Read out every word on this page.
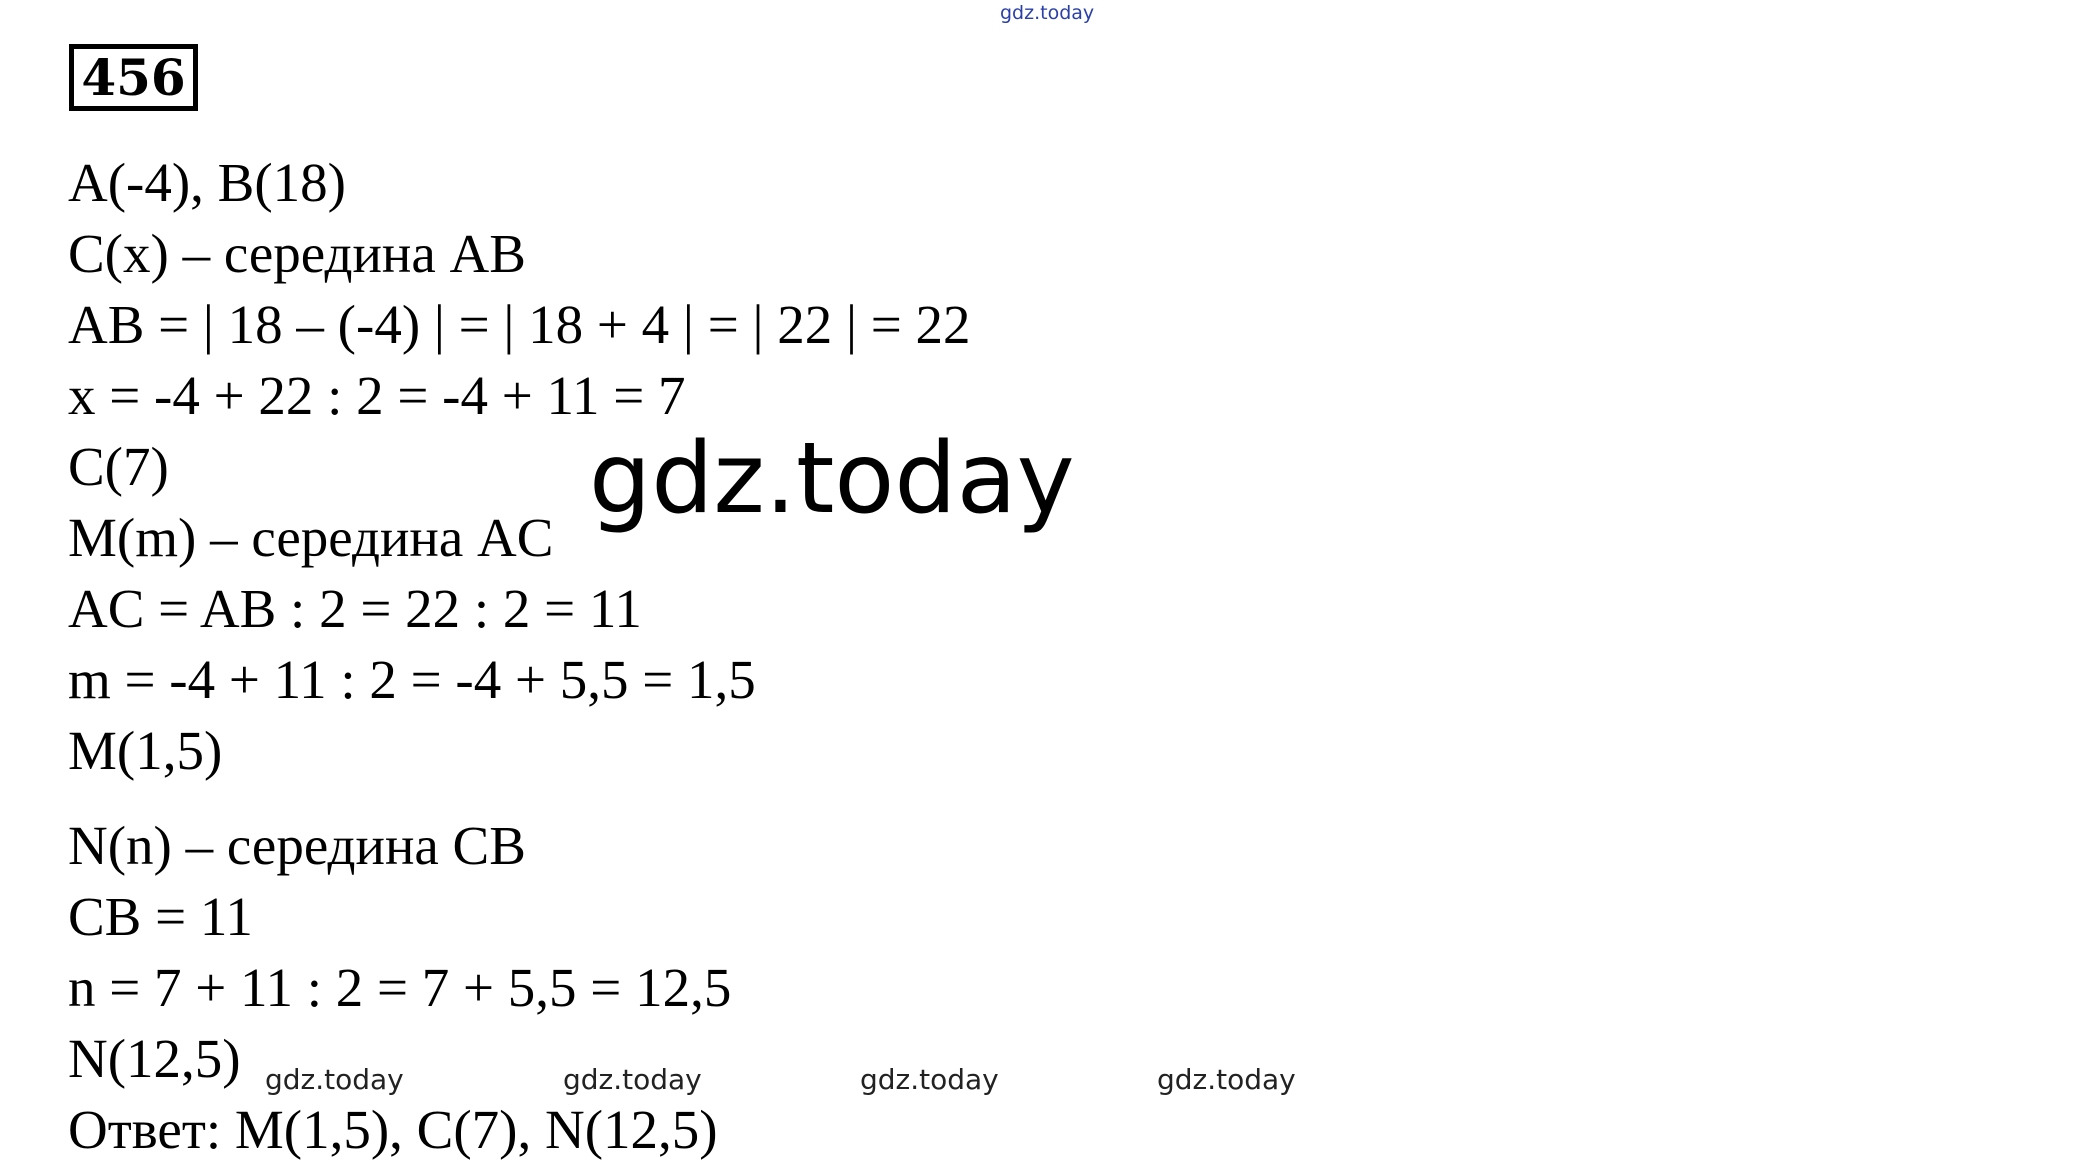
gdz.today
456
A(-4), B(18)
C(x) – середина AB
AB = | 18 – (-4) | = | 18 + 4 | = | 22 | = 22
x = -4 + 22 : 2 = -4 + 11 = 7
C(7)
M(m) – середина AC
AC = AB : 2 = 22 : 2 = 11
m = -4 + 11 : 2 = -4 + 5,5 = 1,5
M(1,5)
N(n) – середина CB
CB = 11
n = 7 + 11 : 2 = 7 + 5,5 = 12,5
N(12,5)
Ответ: M(1,5), C(7), N(12,5)
gdz.today
gdz.today	gdz.today	gdz.today	gdz.today
